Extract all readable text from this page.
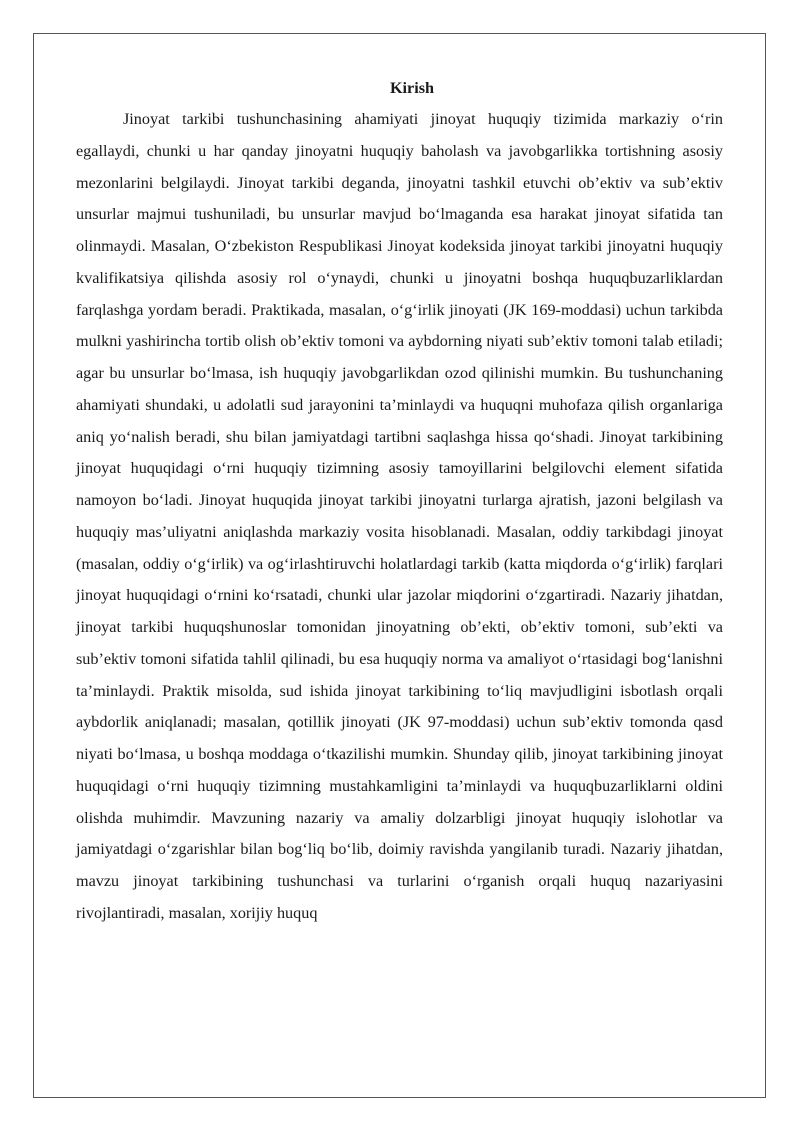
Kirish

Jinoyat tarkibi tushunchasining ahamiyati jinoyat huquqiy tizimida markaziy o‘rin egallaydi, chunki u har qanday jinoyatni huquqiy baholash va javobgarlikka tortishning asosiy mezonlarini belgilaydi. Jinoyat tarkibi deganda, jinoyatni tashkil etuvchi ob’ektiv va sub’ektiv unsurlar majmui tushuniladi, bu unsurlar mavjud bo‘lmaganda esa harakat jinoyat sifatida tan olinmaydi. Masalan, O‘zbekiston Respublikasi Jinoyat kodeksida jinoyat tarkibi jinoyatni huquqiy kvalifikatsiya qilishda asosiy rol o‘ynaydi, chunki u jinoyatni boshqa huquqbuzarliklardan farqlashga yordam beradi. Praktikada, masalan, o‘g‘irlik jinoyati (JK 169-moddasi) uchun tarkibda mulkni yashirincha tortib olish ob’ektiv tomoni va aybdorning niyati sub’ektiv tomoni talab etiladi; agar bu unsurlar bo‘lmasa, ish huquqiy javobgarlikdan ozod qilinishi mumkin. Bu tushunchaning ahamiyati shundaki, u adolatli sud jarayonini ta’minlaydi va huquqni muhofaza qilish organlariga aniq yo‘nalish beradi, shu bilan jamiyatdagi tartibni saqlashga hissa qo‘shadi. Jinoyat tarkibining jinoyat huquqidagi o‘rni huquqiy tizimning asosiy tamoyillarini belgilovchi element sifatida namoyon bo‘ladi. Jinoyat huquqida jinoyat tarkibi jinoyatni turlarga ajratish, jazoni belgilash va huquqiy mas’uliyatni aniqlashda markaziy vosita hisoblanadi. Masalan, oddiy tarkibdagi jinoyat (masalan, oddiy o‘g‘irlik) va og‘irlashtiruvchi holatlardagi tarkib (katta miqdorda o‘g‘irlik) farqlari jinoyat huquqidagi o‘rnini ko‘rsatadi, chunki ular jazolar miqdorini o‘zgartiradi. Nazariy jihatdan, jinoyat tarkibi huquqshunoslar tomonidan jinoyatning ob’ekti, ob’ektiv tomoni, sub’ekti va sub’ektiv tomoni sifatida tahlil qilinadi, bu esa huquqiy norma va amaliyot o‘rtasidagi bog‘lanishni ta’minlaydi. Praktik misolda, sud ishida jinoyat tarkibining to‘liq mavjudligini isbotlash orqali aybdorlik aniqlanadi; masalan, qotillik jinoyati (JK 97-moddasi) uchun sub’ektiv tomonda qasd niyati bo‘lmasa, u boshqa moddaga o‘tkazilishi mumkin. Shunday qilib, jinoyat tarkibining jinoyat huquqidagi o‘rni huquqiy tizimning mustahkamligini ta’minlaydi va huquqbuzarliklarni oldini olishda muhimdir. Mavzuning nazariy va amaliy dolzarbligi jinoyat huquqiy islohotlar va jamiyatdagi o‘zgarishlar bilan bog‘liq bo‘lib, doimiy ravishda yangilanib turadi. Nazariy jihatdan, mavzu jinoyat tarkibining tushunchasi va turlarini o‘rganish orqali huquq nazariyasini rivojlantiradi, masalan, xorijiy huquq
